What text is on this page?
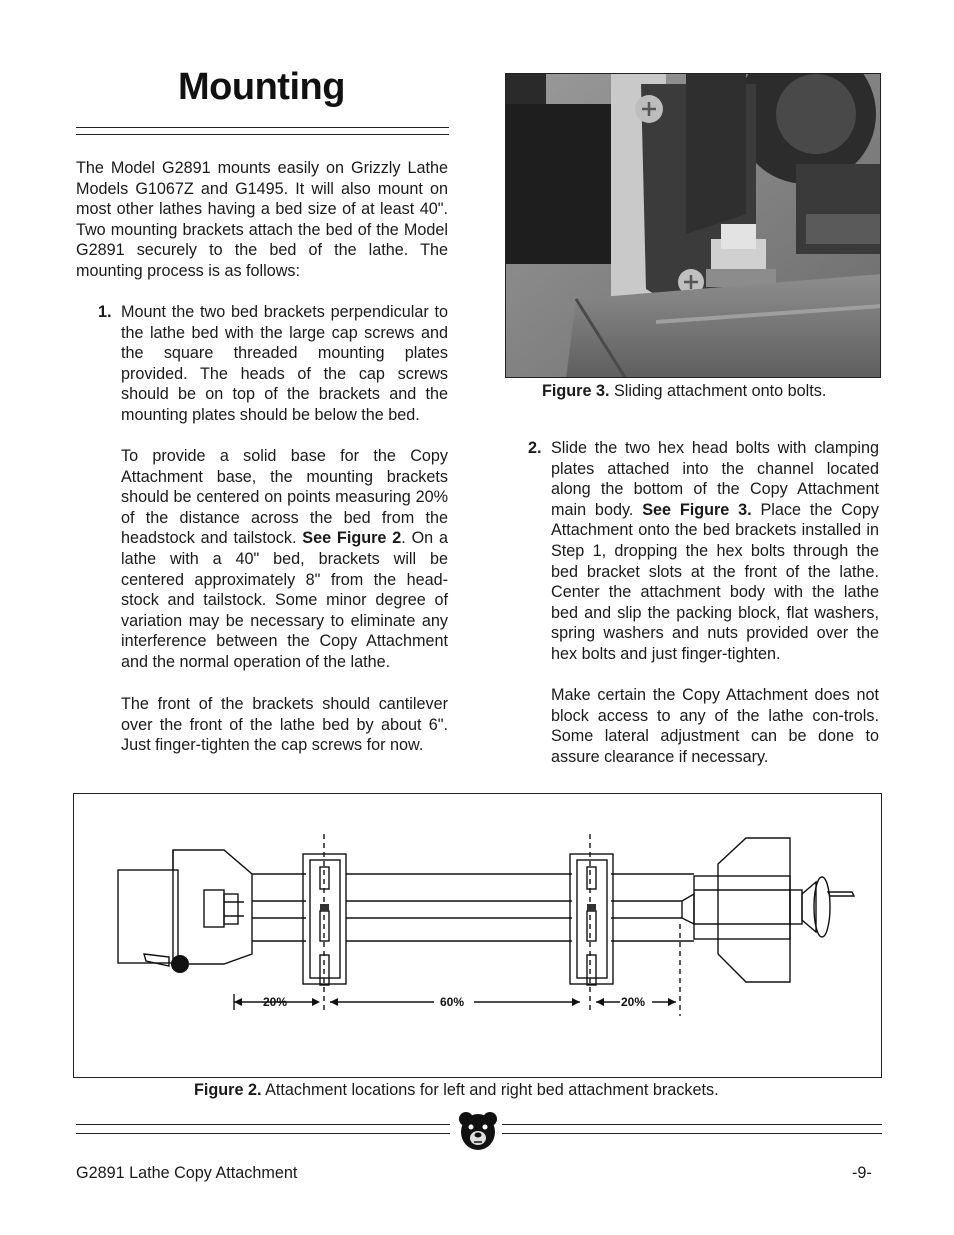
Mounting

The Model G2891 mounts easily on Grizzly Lathe Models G1067Z and G1495. It will also mount on most other lathes having a bed size of at least 40". Two mounting brackets attach the bed of the Model G2891 securely to the bed of the lathe. The mounting process is as follows:

1. Mount the two bed brackets perpendicular to the lathe bed with the large cap screws and the square threaded mounting plates provided. The heads of the cap screws should be on top of the brackets and the mounting plates should be below the bed.

To provide a solid base for the Copy Attachment base, the mounting brackets should be centered on points measuring 20% of the distance across the bed from the headstock and tailstock. See Figure 2. On a lathe with a 40" bed, brackets will be centered approximately 8" from the head-stock and tailstock. Some minor degree of variation may be necessary to eliminate any interference between the Copy Attachment and the normal operation of the lathe.

The front of the brackets should cantilever over the front of the lathe bed by about 6". Just finger-tighten the cap screws for now.

Figure 3. Sliding attachment onto bolts.

2. Slide the two hex head bolts with clamping plates attached into the channel located along the bottom of the Copy Attachment main body. See Figure 3. Place the Copy Attachment onto the bed brackets installed in Step 1, dropping the hex bolts through the bed bracket slots at the front of the lathe. Center the attachment body with the lathe bed and slip the packing block, flat washers, spring washers and nuts provided over the hex bolts and just finger-tighten.

Make certain the Copy Attachment does not block access to any of the lathe con-trols. Some lateral adjustment can be done to assure clearance if necessary.

20%	60%	20%

Figure 2. Attachment locations for left and right bed attachment brackets.

G2891 Lathe Copy Attachment	-9-
